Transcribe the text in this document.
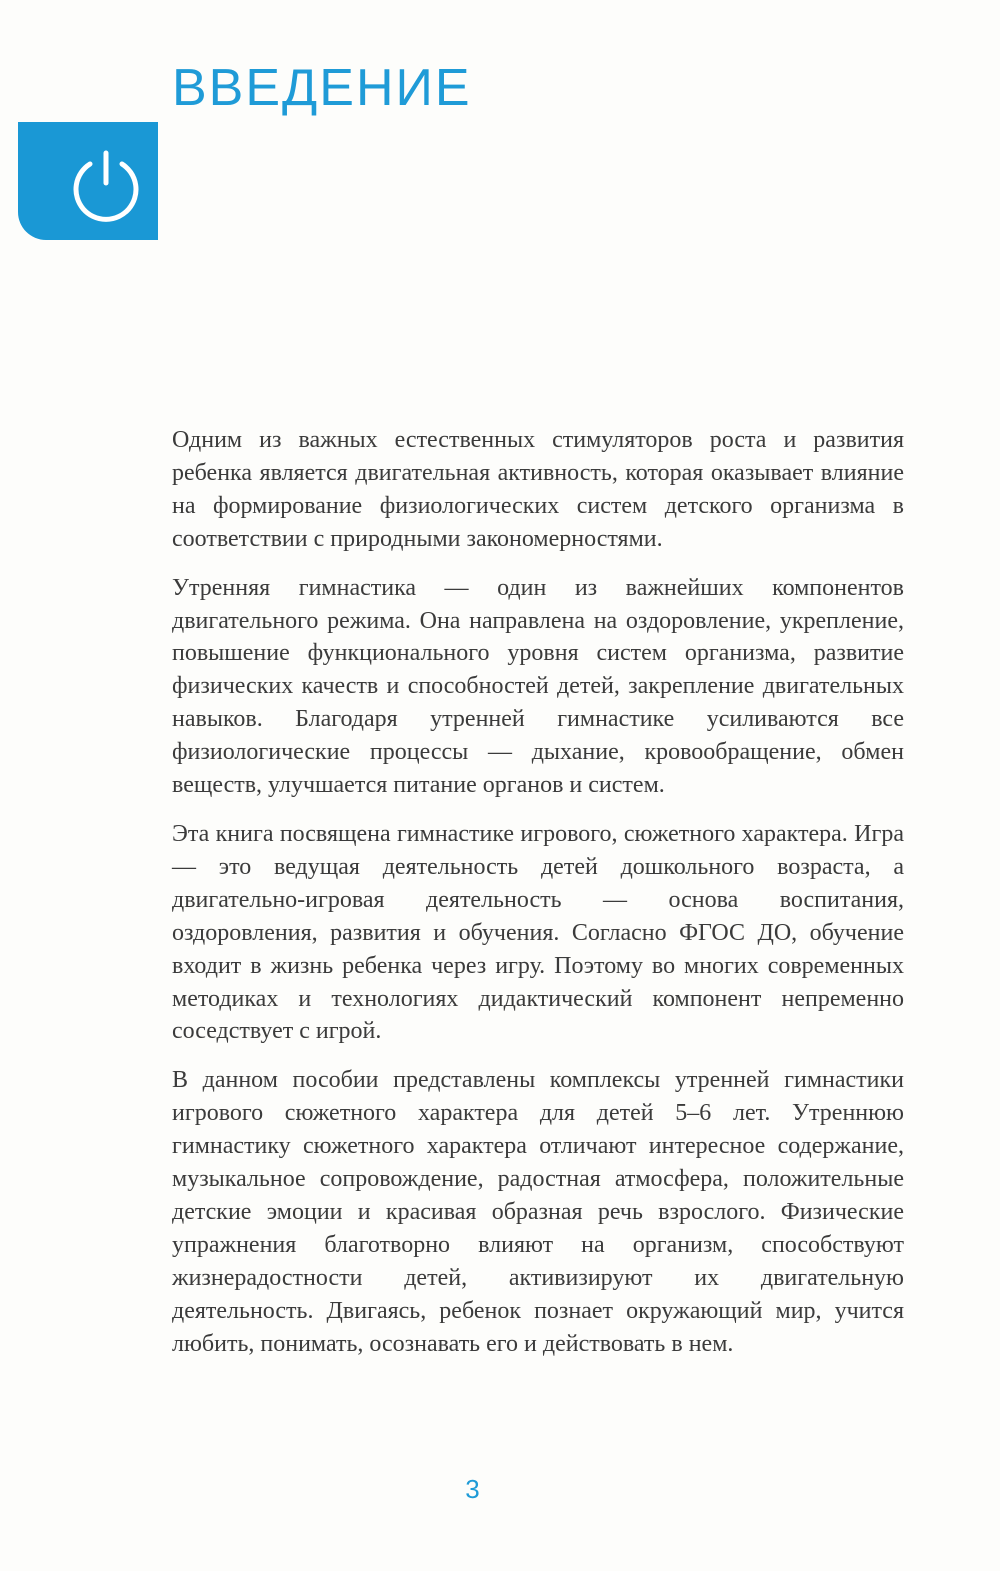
ВВЕДЕНИЕ

Одним из важных естественных стимуляторов роста и развития ребенка является двигательная активность, которая оказывает влияние на формирование физиологических систем детского организма в соответствии с природными закономерностями.

Утренняя гимнастика — один из важнейших компонентов двигательного режима. Она направлена на оздоровление, укрепление, повышение функционального уровня систем организма, развитие физических качеств и способностей детей, закрепление двигательных навыков. Благодаря утренней гимнастике усиливаются все физиологические процессы — дыхание, кровообращение, обмен веществ, улучшается питание органов и систем.

Эта книга посвящена гимнастике игрового, сюжетного характера. Игра — это ведущая деятельность детей дошкольного возраста, а двигательно-игровая деятельность — основа воспитания, оздоровления, развития и обучения. Согласно ФГОС ДО, обучение входит в жизнь ребенка через игру. Поэтому во многих современных методиках и технологиях дидактический компонент непременно соседствует с игрой.

В данном пособии представлены комплексы утренней гимнастики игрового сюжетного характера для детей 5–6 лет. Утреннюю гимнастику сюжетного характера отличают интересное содержание, музыкальное сопровождение, радостная атмосфера, положительные детские эмоции и красивая образная речь взрослого. Физические упражнения благотворно влияют на организм, способствуют жизнерадостности детей, активизируют их двигательную деятельность. Двигаясь, ребенок познает окружающий мир, учится любить, понимать, осознавать его и действовать в нем.

3
